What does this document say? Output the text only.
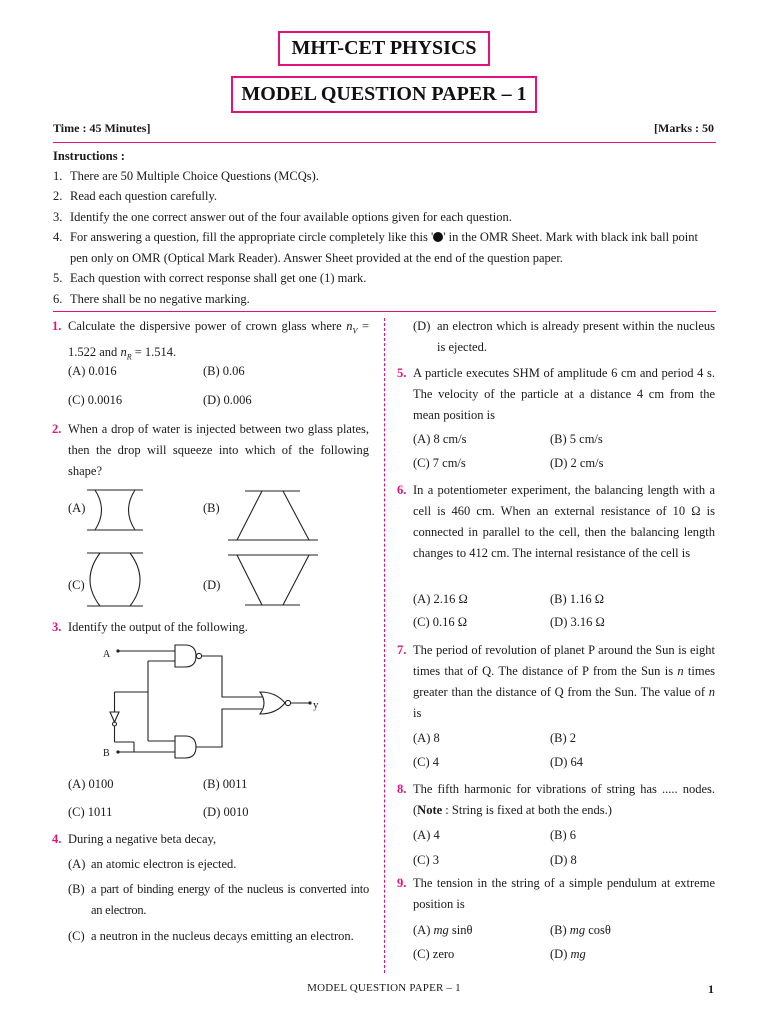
MHT-CET PHYSICS
MODEL QUESTION PAPER – 1
Time : 45 Minutes]	[Marks : 50
Instructions :
1. There are 50 Multiple Choice Questions (MCQs).
2. Read each question carefully.
3. Identify the one correct answer out of the four available options given for each question.
4. For answering a question, fill the appropriate circle completely like this ' ' in the OMR Sheet. Mark with black ink ball point pen only on OMR (Optical Mark Reader). Answer Sheet provided at the end of the question paper.
5. Each question with correct response shall get one (1) mark.
6. There shall be no negative marking.
1. Calculate the dispersive power of crown glass where $n_V = 1.522$ and $n_R = 1.514$.
(A) 0.016	(B) 0.06
(C) 0.0016	(D) 0.006
2. When a drop of water is injected between two glass plates, then the drop will squeeze into which of the following shape?
(A)	(B)
(C)	(D)
3. Identify the output of the following.
A
B
y
(A) 0100	(B) 0011
(C) 1011	(D) 0010
4. During a negative beta decay,
(A) an atomic electron is ejected.
(B) a part of binding energy of the nucleus is converted into an electron.
(C) a neutron in the nucleus decays emitting an electron.
(D) an electron which is already present within the nucleus is ejected.
5. A particle executes SHM of amplitude 6 cm and period 4 s. The velocity of the particle at a distance 4 cm from the mean position is
(A) 8 cm/s	(B) 5 cm/s
(C) 7 cm/s	(D) 2 cm/s
6. In a potentiometer experiment, the balancing length with a cell is 460 cm. When an external resistance of 10 Ω is connected in parallel to the cell, then the balancing length changes to 412 cm. The internal resistance of the cell is
(A) 2.16 Ω	(B) 1.16 Ω
(C) 0.16 Ω	(D) 3.16 Ω
7. The period of revolution of planet P around the Sun is eight times that of Q. The distance of P from the Sun is n times greater than the distance of Q from the Sun. The value of n is
(A) 8	(B) 2
(C) 4	(D) 64
8. The fifth harmonic for vibrations of string has ..... nodes. (Note : String is fixed at both the ends.)
(A) 4	(B) 6
(C) 3	(D) 8
9. The tension in the string of a simple pendulum at extreme position is
(A) mg sinθ	(B) mg cosθ
(C) zero	(D) mg
MODEL QUESTION PAPER – 1	1
